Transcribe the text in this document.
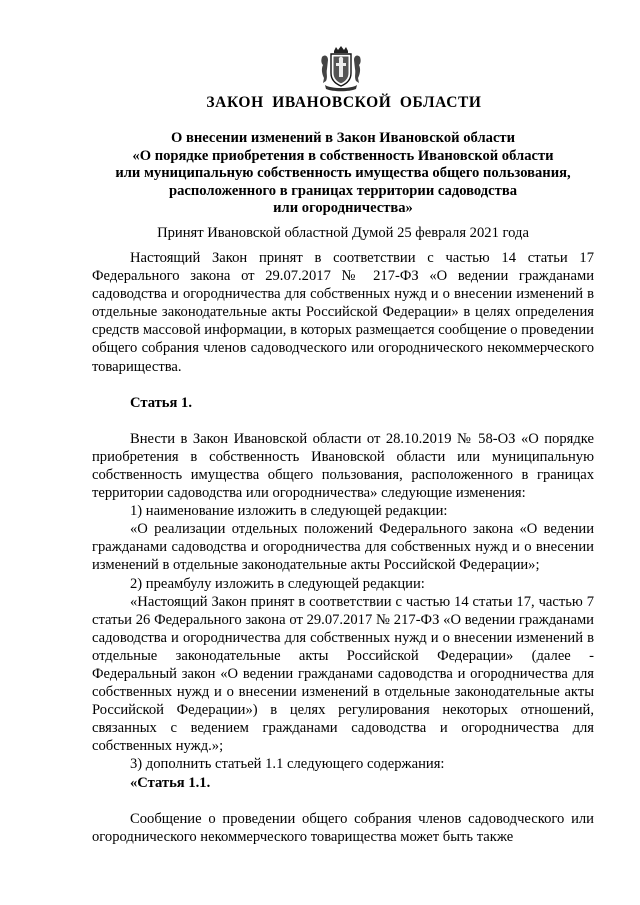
ЗАКОН ИВАНОВСКОЙ ОБЛАСТИ
О внесении изменений в Закон Ивановской области
«О порядке приобретения в собственность Ивановской области
или муниципальную собственность имущества общего пользования,
расположенного в границах территории садоводства
или огородничества»
Принят Ивановской областной Думой 25 февраля 2021 года

Настоящий Закон принят в соответствии с частью 14 статьи 17 Федерального закона от 29.07.2017 № 217-ФЗ «О ведении гражданами садоводства и огородничества для собственных нужд и о внесении изменений в отдельные законодательные акты Российской Федерации» в целях определения средств массовой информации, в которых размещается сообщение о проведении общего собрания членов садоводческого или огороднического некоммерческого товарищества.

Статья 1.

Внести в Закон Ивановской области от 28.10.2019 № 58-ОЗ «О порядке приобретения в собственность Ивановской области или муниципальную собственность имущества общего пользования, расположенного в границах территории садоводства или огородничества» следующие изменения:

1) наименование изложить в следующей редакции:

«О реализации отдельных положений Федерального закона «О ведении гражданами садоводства и огородничества для собственных нужд и о внесении изменений в отдельные законодательные акты Российской Федерации»;

2) преамбулу изложить в следующей редакции:

«Настоящий Закон принят в соответствии с частью 14 статьи 17, частью 7 статьи 26 Федерального закона от 29.07.2017 № 217-ФЗ «О ведении гражданами садоводства и огородничества для собственных нужд и о внесении изменений в отдельные законодательные акты Российской Федерации» (далее - Федеральный закон «О ведении гражданами садоводства и огородничества для собственных нужд и о внесении изменений в отдельные законодательные акты Российской Федерации») в целях регулирования некоторых отношений, связанных с ведением гражданами садоводства и огородничества для собственных нужд.»;

3) дополнить статьей 1.1 следующего содержания:

«Статья 1.1.

Сообщение о проведении общего собрания членов садоводческого или огороднического некоммерческого товарищества может быть также
